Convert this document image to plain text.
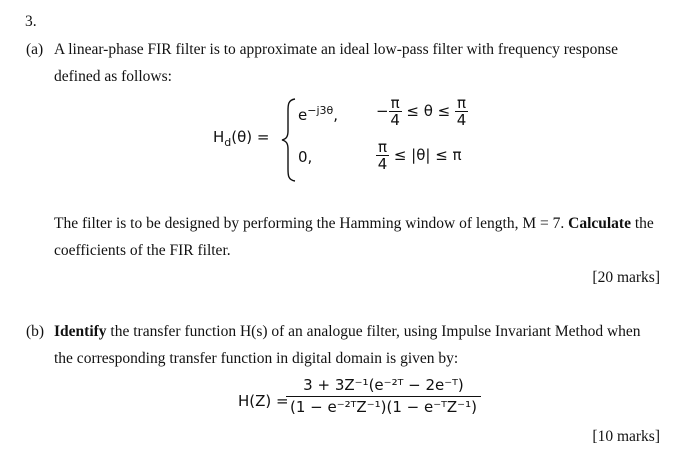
3.
(a) A linear-phase FIR filter is to approximate an ideal low-pass filter with frequency response
defined as follows:
$H_d(\theta)$ =
$e^{-j3\theta}$,	− $\frac{\pi}{4} \le \theta \le \frac{\pi}{4}$
0,	$\frac{\pi}{4} \le |\theta| \le \pi$
The filter is to be designed by performing the Hamming window of length, M = 7. Calculate the
coefficients of the FIR filter.
[20 marks]
(b) Identify the transfer function H(s) of an analogue filter, using Impulse Invariant Method when
the corresponding transfer function in digital domain is given by:
H(Z) =
$\frac{\text{3 + 3Z⁻¹(e⁻²ᵀ − 2e⁻ᵀ)}}{\text{(1 − e⁻²ᵀZ⁻¹)(1 − e⁻ᵀZ⁻¹)}}$
[10 marks]
